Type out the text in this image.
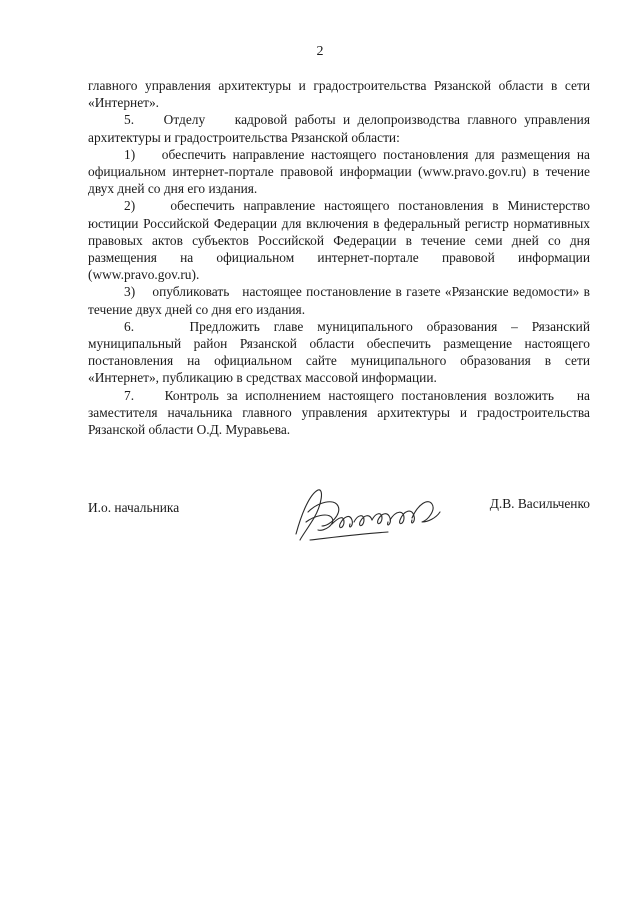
2

главного управления архитектуры и градостроительства Рязанской области в сети «Интернет».

5.    Отделу    кадровой работы и делопроизводства главного управления архитектуры и градостроительства Рязанской области:

1)    обеспечить направление настоящего постановления для размещения на официальном интернет-портале правовой информации (www.pravo.gov.ru) в течение двух дней со дня его издания.

2)    обеспечить направление настоящего постановления в Министерство юстиции Российской Федерации для включения в федеральный регистр нормативных правовых актов субъектов Российской Федерации в течение семи дней со дня размещения на официальном интернет-портале правовой информации (www.pravo.gov.ru).

3)    опубликовать   настоящее постановление в газете «Рязанские ведомости» в течение двух дней со дня его издания.

6.    Предложить главе муниципального образования – Рязанский муниципальный район Рязанской области обеспечить размещение настоящего постановления на официальном сайте муниципального образования в сети «Интернет», публикацию в средствах массовой информации.

7.    Контроль за исполнением настоящего постановления возложить   на заместителя начальника главного управления архитектуры и градостроительства Рязанской области О.Д. Муравьева.

И.о. начальника	Д.В. Васильченко
